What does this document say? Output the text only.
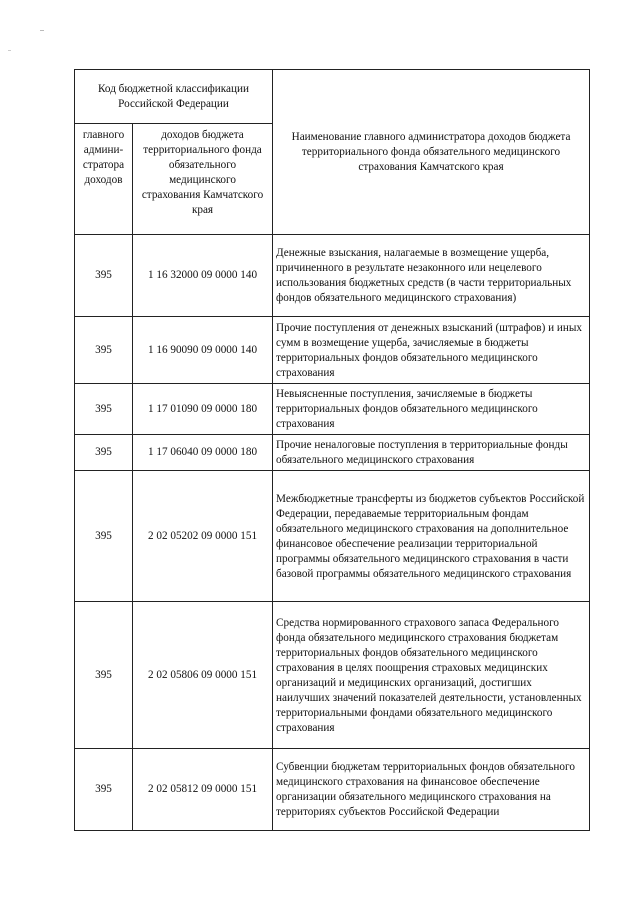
Код бюджетной классификации Российской Федерации		Наименование главного администратора доходов бюджета территориального фонда обязательного медицинского страхования Камчатского края
главного админи-стратора доходов	доходов бюджета территориального фонда обязательного медицинского страхования Камчатского края	
395	1 16 32000 09 0000 140	Денежные взыскания, налагаемые в возмещение ущерба, причиненного в результате незаконного или нецелевого использования бюджетных средств (в части территориальных фондов обязательного медицинского страхования)
395	1 16 90090 09 0000 140	Прочие поступления от денежных взысканий (штрафов) и иных сумм в возмещение ущерба, зачисляемые в бюджеты территориальных фондов обязательного медицинского страхования
395	1 17 01090 09 0000 180	Невыясненные поступления, зачисляемые в бюджеты территориальных фондов обязательного медицинского страхования
395	1 17 06040 09 0000 180	Прочие неналоговые поступления в территориальные фонды обязательного медицинского страхования
395	2 02 05202 09 0000 151	Межбюджетные трансферты из бюджетов субъектов Российской Федерации, передаваемые территориальным фондам обязательного медицинского страхования на дополнительное финансовое обеспечение реализации территориальной программы обязательного медицинского страхования в части базовой программы обязательного медицинского страхования
395	2 02 05806 09 0000 151	Средства нормированного страхового запаса Федерального фонда обязательного медицинского страхования бюджетам территориальных фондов обязательного медицинского страхования в целях поощрения страховых медицинских организаций и медицинских организаций, достигших наилучших значений показателей деятельности, установленных территориальными фондами обязательного медицинского страхования
395	2 02 05812 09 0000 151	Субвенции бюджетам территориальных фондов обязательного медицинского страхования на финансовое обеспечение организации обязательного медицинского страхования на территориях субъектов Российской Федерации
